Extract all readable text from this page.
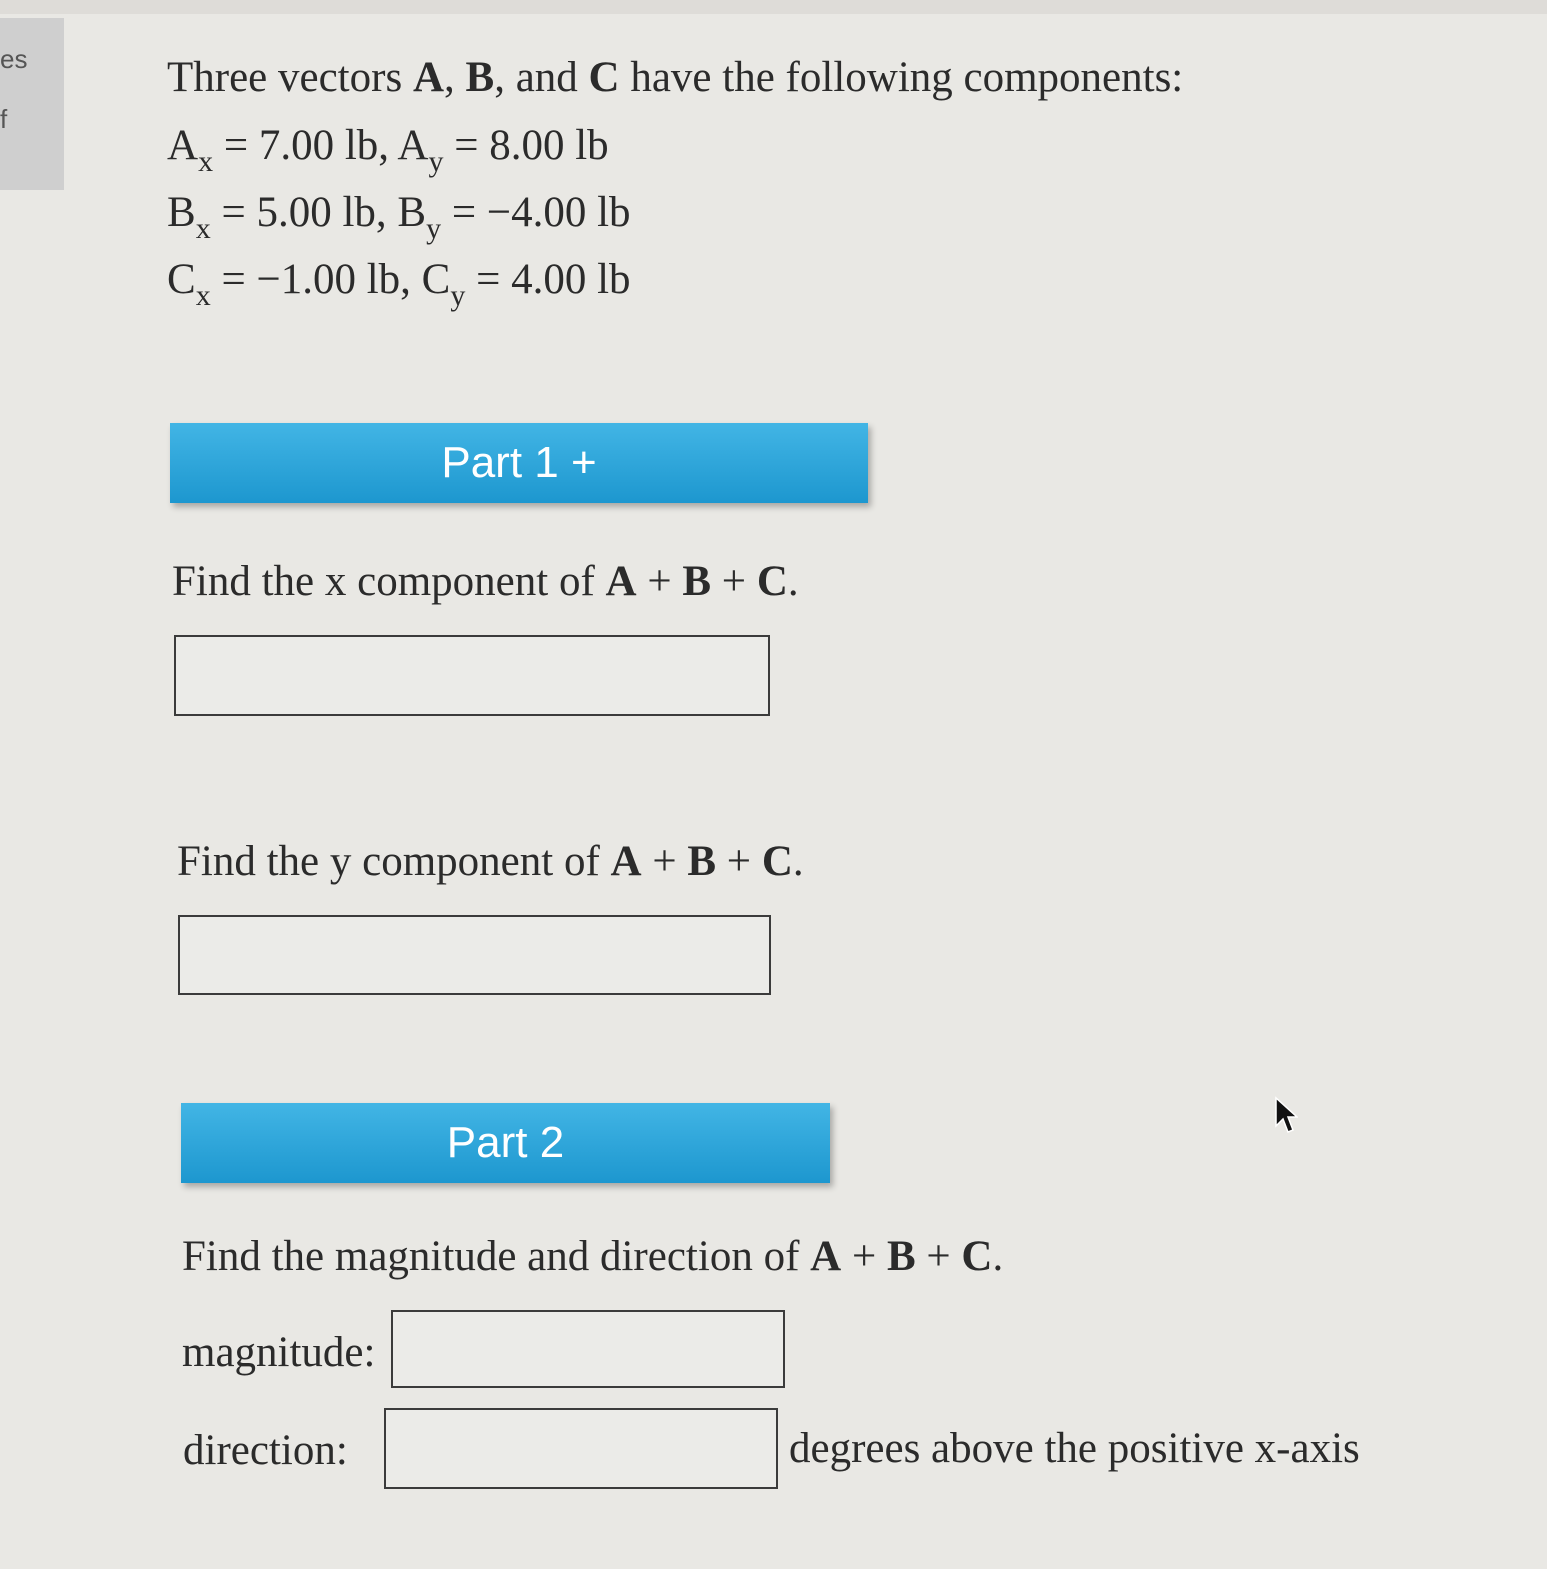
es
f
Three vectors A, B, and C have the following components:
$A_x = 7.00$ lb, $A_y = 8.00$ lb
$B_x = 5.00$ lb, $B_y = -4.00$ lb
$C_x = -1.00$ lb, $C_y = 4.00$ lb
Part 1 +
Find the x component of A + B + C.
Find the y component of A + B + C.
Part 2
Find the magnitude and direction of A + B + C.
magnitude:
direction:	degrees above the positive x-axis
